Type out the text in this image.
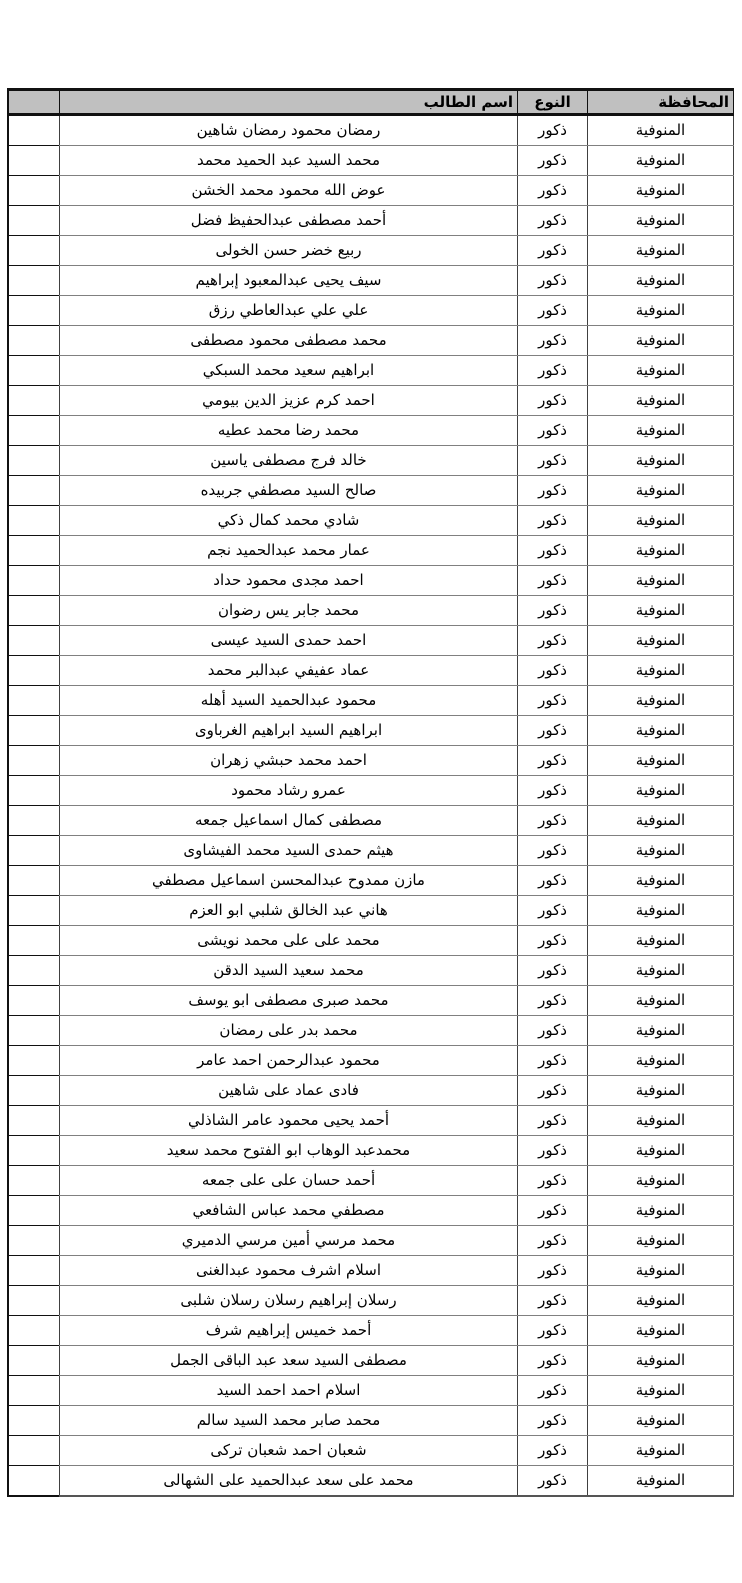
المحافظة	النوع	اسم الطالب	
المنوفية	ذكور	رمضان محمود رمضان شاهين	
المنوفية	ذكور	محمد السيد عبد الحميد محمد	
المنوفية	ذكور	عوض الله محمود محمد الخشن	
المنوفية	ذكور	أحمد مصطفى عبدالحفيظ فضل	
المنوفية	ذكور	ربيع خضر حسن الخولى	
المنوفية	ذكور	سيف يحيى عبدالمعبود إبراهيم	
المنوفية	ذكور	علي علي عبدالعاطي رزق	
المنوفية	ذكور	محمد مصطفى محمود مصطفى	
المنوفية	ذكور	ابراهيم سعيد محمد السبكي	
المنوفية	ذكور	احمد كرم عزيز الدين بيومي	
المنوفية	ذكور	محمد رضا محمد عطيه	
المنوفية	ذكور	خالد فرج مصطفى ياسين	
المنوفية	ذكور	صالح السيد مصطفي جربيده	
المنوفية	ذكور	شادي محمد كمال ذكي	
المنوفية	ذكور	عمار محمد عبدالحميد نجم	
المنوفية	ذكور	احمد مجدى محمود حداد	
المنوفية	ذكور	محمد جابر يس رضوان	
المنوفية	ذكور	احمد حمدى السيد عيسى	
المنوفية	ذكور	عماد عفيفي عبدالبر محمد	
المنوفية	ذكور	محمود عبدالحميد السيد أهله	
المنوفية	ذكور	ابراهيم السيد ابراهيم الغرباوى	
المنوفية	ذكور	احمد محمد حبشي زهران	
المنوفية	ذكور	عمرو رشاد محمود	
المنوفية	ذكور	مصطفى كمال اسماعيل جمعه	
المنوفية	ذكور	هيثم حمدى السيد محمد الفيشاوى	
المنوفية	ذكور	مازن ممدوح عبدالمحسن اسماعيل مصطفي	
المنوفية	ذكور	هاني عبد الخالق شلبي ابو العزم	
المنوفية	ذكور	محمد على على محمد نويشى	
المنوفية	ذكور	محمد سعيد السيد الدقن	
المنوفية	ذكور	محمد صبرى مصطفى ابو يوسف	
المنوفية	ذكور	محمد بدر على رمضان	
المنوفية	ذكور	محمود عبدالرحمن احمد عامر	
المنوفية	ذكور	فادى عماد على شاهين	
المنوفية	ذكور	أحمد يحيى محمود عامر الشاذلي	
المنوفية	ذكور	محمدعبد الوهاب ابو الفتوح محمد سعيد	
المنوفية	ذكور	أحمد حسان على على جمعه	
المنوفية	ذكور	مصطفي محمد عباس الشافعي	
المنوفية	ذكور	محمد مرسي أمين مرسي الدميري	
المنوفية	ذكور	اسلام اشرف محمود عبدالغنى	
المنوفية	ذكور	رسلان إبراهيم رسلان رسلان شلبى	
المنوفية	ذكور	أحمد خميس إبراهيم شرف	
المنوفية	ذكور	مصطفى السيد سعد عبد الباقى الجمل	
المنوفية	ذكور	اسلام احمد احمد السيد	
المنوفية	ذكور	محمد صابر محمد السيد سالم	
المنوفية	ذكور	شعبان احمد شعبان تركى	
المنوفية	ذكور	محمد على سعد عبدالحميد على الشهالى	
